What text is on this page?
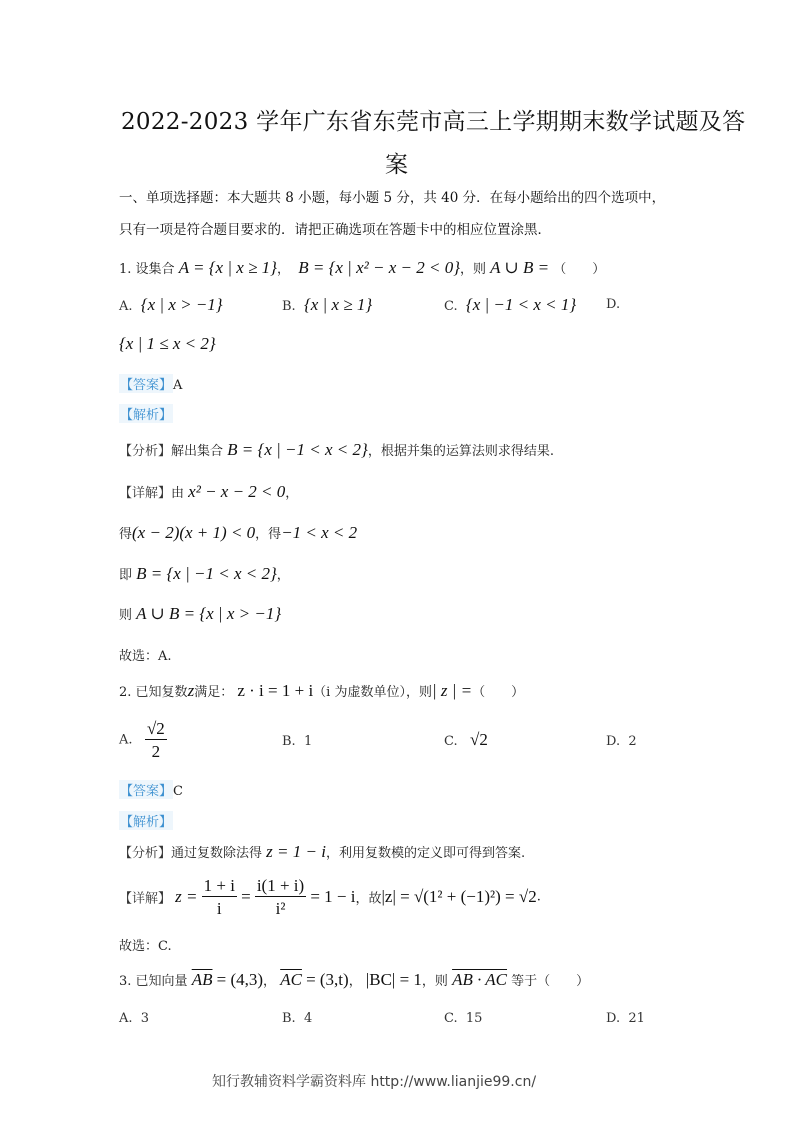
2022-2023 学年广东省东莞市高三上学期期末数学试题及答
案
一、单项选择题：本大题共 8 小题，每小题 5 分，共 40 分．在每小题给出的四个选项中，
只有一项是符合题目要求的．请把正确选项在答题卡中的相应位置涂黑．
1. 设集合 A = {x | x ≥ 1}， B = {x | x² − x − 2 < 0}，则 A ∪ B = （　　）
A. {x | x > −1}	B. {x | x ≥ 1}	C. {x | −1 < x < 1} D.
{x | 1 ≤ x < 2}
【答案】A
【解析】
【分析】解出集合 B = {x | −1 < x < 2}，根据并集的运算法则求得结果.
【详解】由 x² − x − 2 < 0，
得(x − 2)(x + 1) < 0，得−1 < x < 2
即 B = {x | −1 < x < 2}，
则 A ∪ B = {x | x > −1}
故选：A.
2. 已知复数z满足： z · i = 1 + i（i 为虚数单位），则| z | =（　　）
A. $\frac{√2}{2}$	B. 1	C. √2	D. 2
【答案】C
【解析】
【分析】通过复数除法得 z = 1 − i，利用复数模的定义即可得到答案.
【详解】 $z = \frac{1 + i}{i} = \frac{i(1 + i)}{\text{i²}} = 1 - i$，故|z| = √(1² + (−1)²) = √2.
故选：C.
3. 已知向量 $\overline{AB} = (4,3)$， $\overline{AC} = (3,t)$， |BC| = 1，则 AB · AC 等于（　　）
A. 3	B. 4	C. 15	D. 21
知行教辅资料学霸资料库 http://www.lianjie99.cn/
